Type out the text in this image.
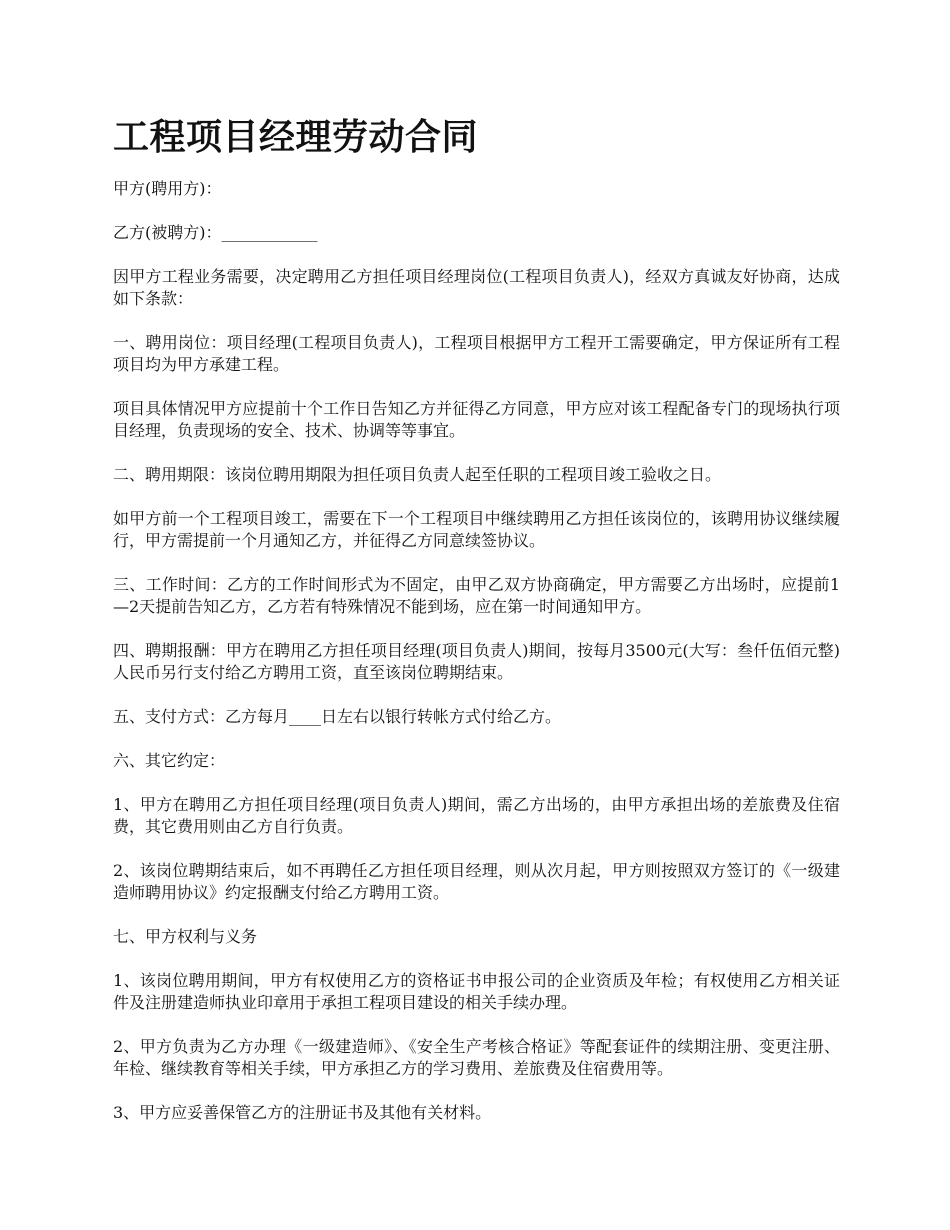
工程项目经理劳动合同

甲方(聘用方)：

乙方(被聘方)：____________

因甲方工程业务需要，决定聘用乙方担任项目经理岗位(工程项目负责人)，经双方真诚友好协商，达成如下条款：

一、聘用岗位：项目经理(工程项目负责人)，工程项目根据甲方工程开工需要确定，甲方保证所有工程项目均为甲方承建工程。

项目具体情况甲方应提前十个工作日告知乙方并征得乙方同意，甲方应对该工程配备专门的现场执行项目经理，负责现场的安全、技术、协调等等事宜。

二、聘用期限：该岗位聘用期限为担任项目负责人起至任职的工程项目竣工验收之日。

如甲方前一个工程项目竣工，需要在下一个工程项目中继续聘用乙方担任该岗位的，该聘用协议继续履行，甲方需提前一个月通知乙方，并征得乙方同意续签协议。

三、工作时间：乙方的工作时间形式为不固定，由甲乙双方协商确定，甲方需要乙方出场时，应提前1—2天提前告知乙方，乙方若有特殊情况不能到场，应在第一时间通知甲方。

四、聘期报酬：甲方在聘用乙方担任项目经理(项目负责人)期间，按每月3500元(大写：叁仟伍佰元整)人民币另行支付给乙方聘用工资，直至该岗位聘期结束。

五、支付方式：乙方每月____日左右以银行转帐方式付给乙方。

六、其它约定：

1、甲方在聘用乙方担任项目经理(项目负责人)期间，需乙方出场的，由甲方承担出场的差旅费及住宿费，其它费用则由乙方自行负责。

2、该岗位聘期结束后，如不再聘任乙方担任项目经理，则从次月起，甲方则按照双方签订的《一级建造师聘用协议》约定报酬支付给乙方聘用工资。

七、甲方权利与义务

1、该岗位聘用期间，甲方有权使用乙方的资格证书申报公司的企业资质及年检；有权使用乙方相关证件及注册建造师执业印章用于承担工程项目建设的相关手续办理。

2、甲方负责为乙方办理《一级建造师》、《安全生产考核合格证》等配套证件的续期注册、变更注册、年检、继续教育等相关手续，甲方承担乙方的学习费用、差旅费及住宿费用等。

3、甲方应妥善保管乙方的注册证书及其他有关材料。
